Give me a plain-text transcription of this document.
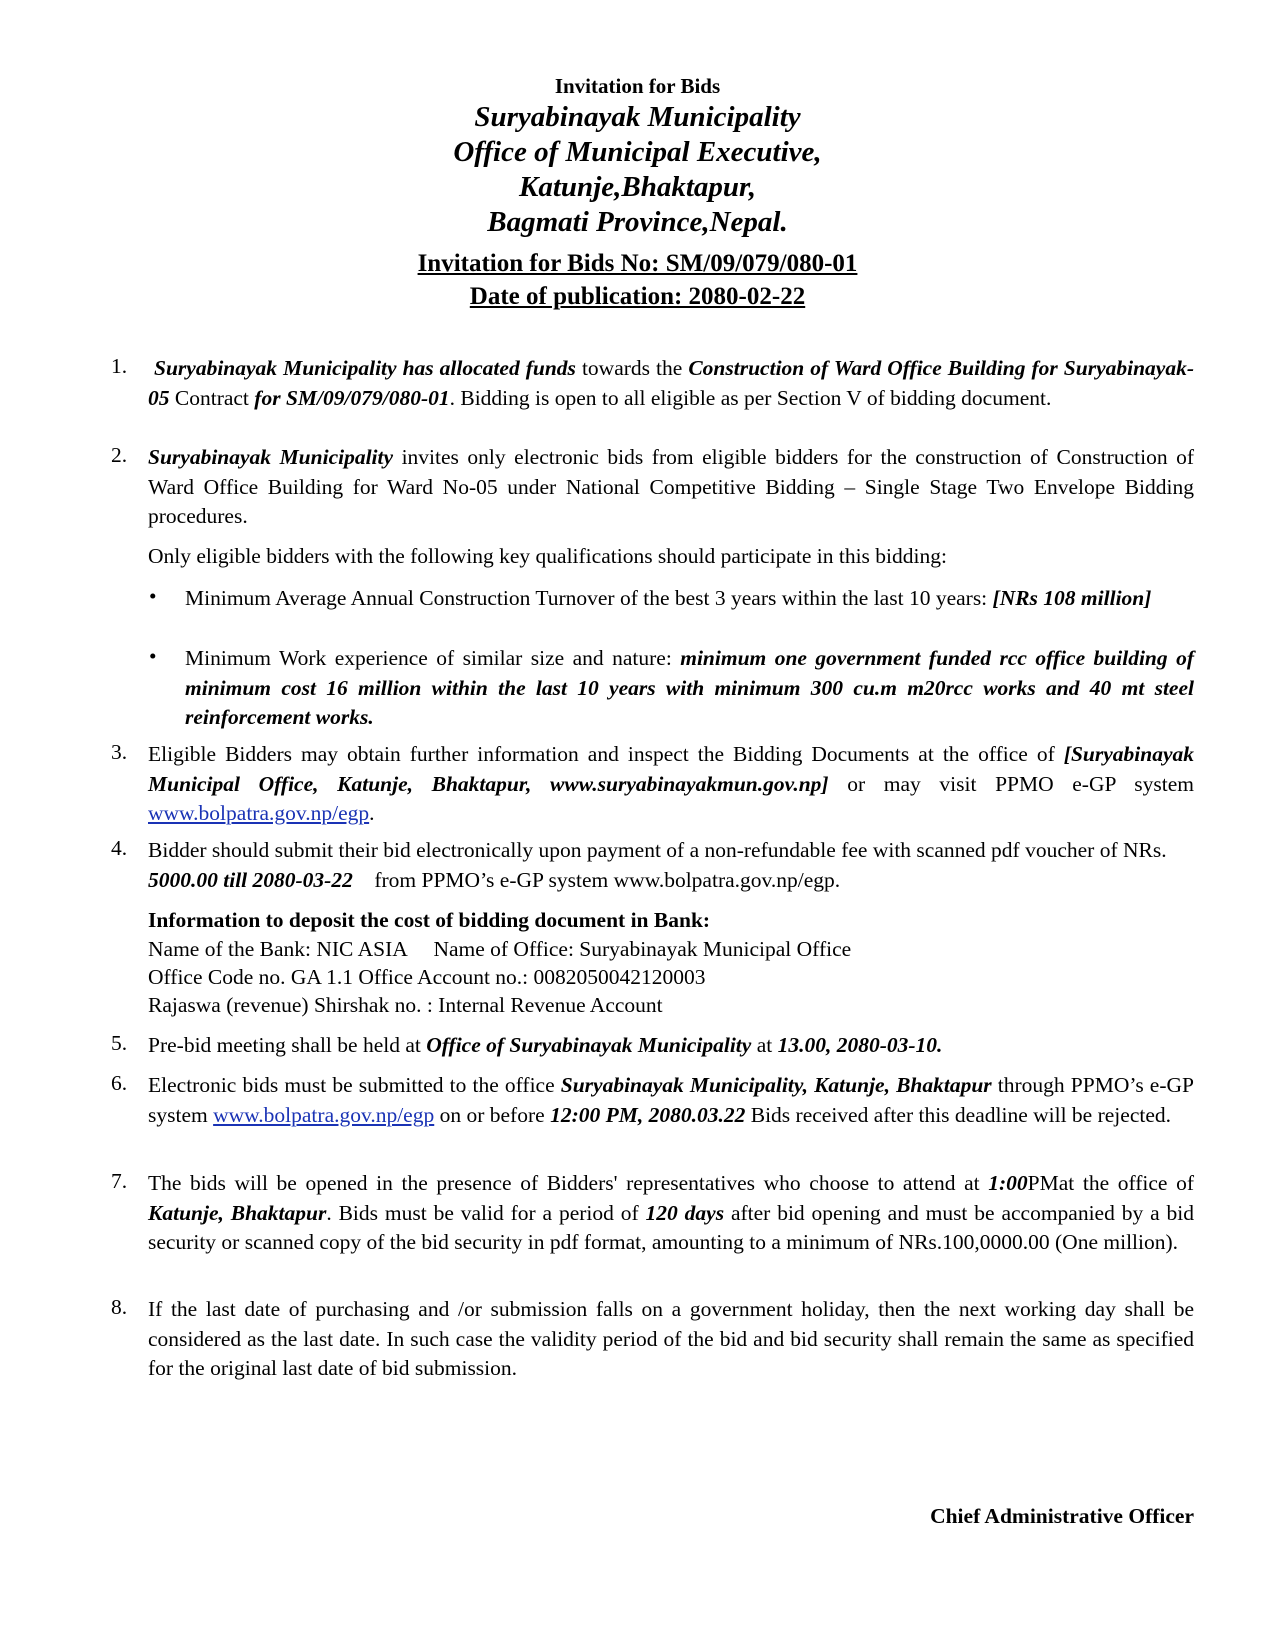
Invitation for Bids
Suryabinayak Municipality
Office of Municipal Executive,
Katunje,Bhaktapur,
Bagmati Province,Nepal.
Invitation for Bids No: SM/09/079/080-01
Date of publication: 2080-02-22
1. Suryabinayak Municipality has allocated funds towards the Construction of Ward Office Building for Suryabinayak-05 Contract for SM/09/079/080-01. Bidding is open to all eligible as per Section V of bidding document.
2. Suryabinayak Municipality invites only electronic bids from eligible bidders for the construction of Construction of Ward Office Building for Ward No-05 under National Competitive Bidding – Single Stage Two Envelope Bidding procedures.
Only eligible bidders with the following key qualifications should participate in this bidding:
• Minimum Average Annual Construction Turnover of the best 3 years within the last 10 years: [NRs 108 million]
• Minimum Work experience of similar size and nature: minimum one government funded rcc office building of minimum cost 16 million within the last 10 years with minimum 300 cu.m m20rcc works and 40 mt steel reinforcement works.
3. Eligible Bidders may obtain further information and inspect the Bidding Documents at the office of [Suryabinayak Municipal Office, Katunje, Bhaktapur, www.suryabinayakmun.gov.np] or may visit PPMO e-GP system www.bolpatra.gov.np/egp.
4. Bidder should submit their bid electronically upon payment of a non-refundable fee with scanned pdf voucher of NRs. 5000.00 till 2080-03-22    from PPMO’s e-GP system www.bolpatra.gov.np/egp.
Information to deposit the cost of bidding document in Bank:
Name of the Bank: NIC ASIA     Name of Office: Suryabinayak Municipal Office
Office Code no. GA 1.1 Office Account no.: 0082050042120003
Rajaswa (revenue) Shirshak no. : Internal Revenue Account
5. Pre-bid meeting shall be held at Office of Suryabinayak Municipality at 13.00, 2080-03-10.
6. Electronic bids must be submitted to the office Suryabinayak Municipality, Katunje, Bhaktapur through PPMO’s e-GP system www.bolpatra.gov.np/egp on or before 12:00 PM, 2080.03.22 Bids received after this deadline will be rejected.
7. The bids will be opened in the presence of Bidders' representatives who choose to attend at 1:00PMat the office of Katunje, Bhaktapur. Bids must be valid for a period of 120 days after bid opening and must be accompanied by a bid security or scanned copy of the bid security in pdf format, amounting to a minimum of NRs.100,0000.00 (One million).
8. If the last date of purchasing and /or submission falls on a government holiday, then the next working day shall be considered as the last date. In such case the validity period of the bid and bid security shall remain the same as specified for the original last date of bid submission.
Chief Administrative Officer
